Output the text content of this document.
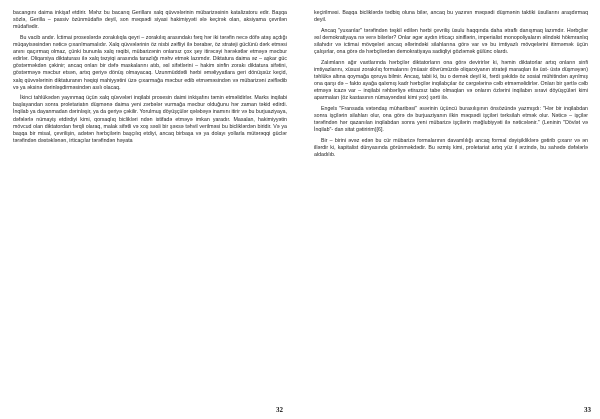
bacangını daima inkişaf etdirir. Məhz bu bacarıq Gerillanı xalq qüvvələrinin mübarizəsinin katalizatoru edir. Başqa sözlə, Gerilla – passiv özünmüdafiə deyil, son məqsədi siyasi hakimiyyəti ələ keçirək olan, aksiyama çevrilən müdafiədir.

Bu vacib andır. İctimai proseslərdə zorakılıqla qeyri – zorakılıq arasındakı fərq hər iki tərəfin necə döfə atəş açdığı müqayisəsindən nəticə çıxarılmamalıdır. Xalq qüvvələrinin öz nisbi zəifliyi ilə bərabər, öz strateji güclünü dərk etməsi anını qaçırmaq olmaz, çünki bununla xalq rəqibi, mübarizənin onlarsız çox şey itirəcəyi hərəkətlər etməyə məcbur edirlər. Oliqarxiya diktaturası ilə xalq təzyiqi arasında tarazlığı məhv etmək lazımdır. Diktatura daima əz – aşkar güc göstərməkdən çəkinir; ancaq onları bir dəfə maskalarını atıb, əsl sifətlərini – hakim sinfin zorakı diktatura sifətini, göstərməyə məcbur etsən, artıq geriyə dönüş olmayacaq. Uzunmüddətli hərbi əməliyyatlara geri dönüşsüz keçid, xalq qüvvələrinin diktaturanın həqiqi mahiyyətini üzə çıxarmağa məcbur edib etməməsindən və mübarizəni zəiflədib və ya əksinə dərinləşdirməsindən asılı olacaq.

İkinci tahlükədən yayınmaq üçün xalq qüvvələri inqilabi prosesin daimi inkişafını təmin etməlidirlər. Marks inqilabi başlayandan sonra proletariatın düşmənə daima yeni zərbələr vurmağa məcbur olduğunu hər zaman təkid edirdi. İnqilab ya dayanmadan dərinləşir, ya da geriyə çəkilir. Yorulmuş döyüşçülər qələbəyə inamını itirir və bu burjuaziyaya, dəfələrlə nümayiş etdirdiyi kimi, qorxaqlıq biclikləri ndən istifadə etməyə imkan yaradır. Masalan, hakimiyyətin mövcud olan diktatordan fərqli olaraq, malak sifətli və xoş səsli bir şəxsə təhvil verilməsi bu bicliklərdən biridir. Və ya başqa bir misal, çevrilişin, adətən hərbçilərin başçılıq etdiyi, ancaq birbaşa və ya dolayı yollarla mütərəqqi güclər tərəfindən dəstəklənən, irticaçılar tərəfindən həyata

32

keçirilməsi. Başqa bicliklərdə tədbiq oluna bilər, ancaq bu yazının məqsədi düşmənin taktiki üsullarını araşdırmaq deyil.

Ancaq "yuxarılar" tərəfindən təşkil edilən hərbi çevriliş üsulu haqqında daha ətraflı danışmaq lazımdır. Hərbçilər əsl demokratiyaya nə verə bilərlər? Onlar əgər aydın irticaçı siniflərin, imperialist monopoliyaların əlindəki hökmranlıq silahıdır və ictimai mövqeləri ancaq əllərindəki silahlarına görə var və bu imtiyazlı mövqelərini itirməmək üçün çalışırlar, ona görə də hərbçilərdən demokratiyaya sadiqliyi gözləmək gülünc olardı.

Zalımların ağır vaxtlarında hərbçilər diktatorların ona görə devirirlər ki, həmin diktatorlar artıq onların sinfi imtiyazlarını, xüsusi zorakılıq formalarını (müasir dövrümüzdə oliqarxiyanın strateji maraqları ilə üst- üstə düşməyən) təhlükə altına qoymağa qoruya bilmir. Ancaq, tabii ki, bu o demək deyil ki, fərdi şəkildə öz sosial mühitindən ayrılmış ona qarşı də – fakto ayağa qalxmış kadr hərbçilər inqilabçılar öz cərgələrinə cəlb etməməlidirlər. Onları bir şərtlə cəlb etməyə icazə var – inqilabi rəhbərliyə etirazsız tabe olmaqları və onların özlərini inqilabın sıravi döyüşçüləri kimi aparmaları (öz kastasının nümayəndəsi kimi yox) şərti ilə.

Engels "Fransada vətəndaş müharibəsi" əsərinin üçüncü buraxılışının önsözündə yazmışdı: "Hər bir inqilabdan sonra işçilərin silahları olur, ona görə də burjuaziyanın ilkin məqsədi işçiləri tərksilah etmək olur. Nəticə – işçilər tərəfindən hər qazanılan inqilabdan sonra yeni mübarizə işçilərin məğlubiyyəti ilə nəticələnir." (Leninin "Dövlət və İnqilab"- dan sitat gətiririm)[6].

Bir – birini əvəz edən bu cür mübarizə formalarının davamlılığı ancaq formal dəyişikliklərə gətirib çıxarır və ən illərdir ki, kapitalist dünyasında görünməkdədir. Bu əzmiş kimi, proletariat artıq yüz il ərzində, bu sahədə dəfələrlə aldadılıb.

33
